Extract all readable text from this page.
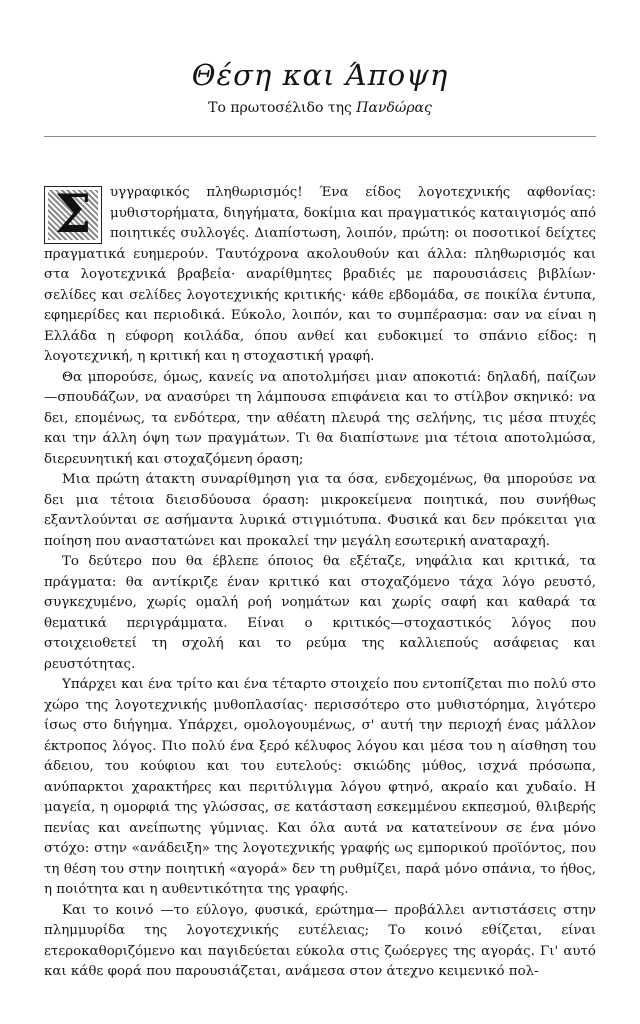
Θέση και Άποψη
Το πρωτοσέλιδο της Πανδώρας

Σ	υγγραφικός πληθωρισμός! Ένα είδος λογοτεχνικής αφθονίας: μυθιστορήματα, διηγήματα, δοκίμια και πραγματικός καταιγισμός από ποιητικές συλλογές. Διαπίστωση, λοιπόν, πρώτη: οι ποσοτικοί δείχτες πραγματικά ευημερούν. Ταυτόχρονα ακολουθούν και άλλα: πληθωρισμός και στα λογοτεχνικά βραβεία· αναρίθμητες βραδιές με παρουσιάσεις βιβλίων· σελίδες και σελίδες λογοτεχνικής κριτικής· κάθε εβδομάδα, σε ποικίλα έντυπα, εφημερίδες και περιοδικά. Εύκολο, λοιπόν, και το συμπέρασμα: σαν να είναι η Ελλάδα η εύφορη κοιλάδα, όπου ανθεί και ευδοκιμεί το σπάνιο είδος: η λογοτεχνική, η κριτική και η στοχαστική γραφή.

Θα μπορούσε, όμως, κανείς να αποτολμήσει μιαν αποκοτιά: δηλαδή, παίζων—σπουδάζων, να ανασύρει τη λάμπουσα επιφάνεια και το στίλβον σκηνικό: να δει, επομένως, τα ενδότερα, την αθέατη πλευρά της σελήνης, τις μέσα πτυχές και την άλλη όψη των πραγμάτων. Τι θα διαπίστωνε μια τέτοια αποτολμώσα, διερευνητική και στοχαζόμενη όραση;

Μια πρώτη άτακτη συναρίθμηση για τα όσα, ενδεχομένως, θα μπορούσε να δει μια τέτοια διεισδύουσα όραση: μικροκείμενα ποιητικά, που συνήθως εξαντλούνται σε ασήμαντα λυρικά στιγμιότυπα. Φυσικά και δεν πρόκειται για ποίηση που αναστατώνει και προκαλεί την μεγάλη εσωτερική αναταραχή.

Το δεύτερο που θα έβλεπε όποιος θα εξέταζε, νηφάλια και κριτικά, τα πράγματα: θα αντίκριζε έναν κριτικό και στοχαζόμενο τάχα λόγο ρευστό, συγκεχυμένο, χωρίς ομαλή ροή νοημάτων και χωρίς σαφή και καθαρά τα θεματικά περιγράμματα. Είναι ο κριτικός—στοχαστικός λόγος που στοιχειοθετεί τη σχολή και το ρεύμα της καλλιεπούς ασάφειας και ρευστότητας.

Υπάρχει και ένα τρίτο και ένα τέταρτο στοιχείο που εντοπίζεται πιο πολύ στο χώρο της λογοτεχνικής μυθοπλασίας· περισσότερο στο μυθιστόρημα, λιγότερο ίσως στο διήγημα. Υπάρχει, ομολογουμένως, σ' αυτή την περιοχή ένας μάλλον έκτροπος λόγος. Πιο πολύ ένα ξερό κέλυφος λόγου και μέσα του η αίσθηση του άδειου, του κούφιου και του ευτελούς: σκιώδης μύθος, ισχνά πρόσωπα, ανύπαρκτοι χαρακτήρες και περιτύλιγμα λόγου φτηνό, ακραίο και χυδαίο. Η μαγεία, η ομορφιά της γλώσσας, σε κατάσταση εσκεμμένου εκπεσμού, θλιβερής πενίας και ανείπωτης γύμνιας. Και όλα αυτά να κατατείνουν σε ένα μόνο στόχο: στην «ανάδειξη» της λογοτεχνικής γραφής ως εμπορικού προϊόντος, που τη θέση του στην ποιητική «αγορά» δεν τη ρυθμίζει, παρά μόνο σπάνια, το ήθος, η ποιότητα και η αυθεντικότητα της γραφής.

Και το κοινό —το εύλογο, φυσικά, ερώτημα— προβάλλει αντιστάσεις στην πλημμυρίδα της λογοτεχνικής ευτέλειας; Το κοινό εθίζεται, είναι ετεροκαθοριζόμενο και παγιδεύεται εύκολα στις ζωόεργες της αγοράς. Γι' αυτό και κάθε φορά που παρουσιάζεται, ανάμεσα στον άτεχνο κειμενικό πολ-
